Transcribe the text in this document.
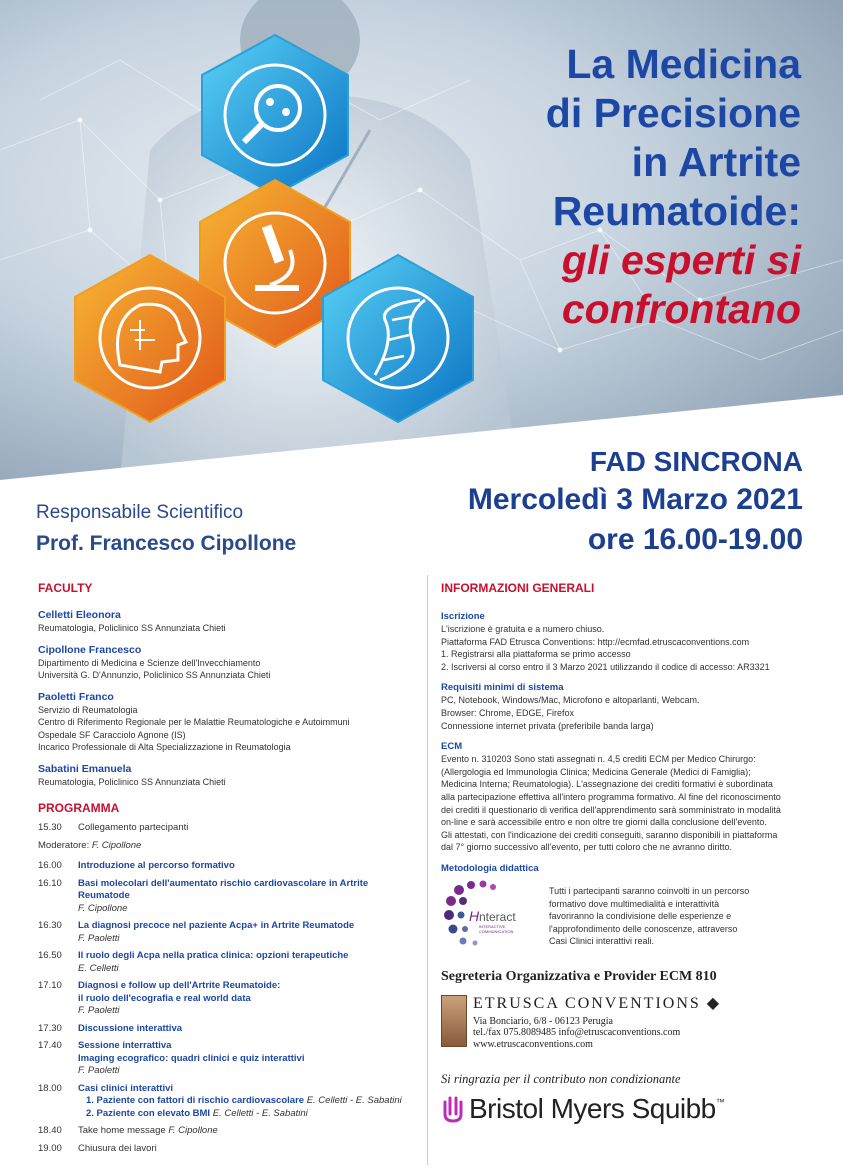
La Medicina
di Precisione
in Artrite
Reumatoide:
gli esperti si
confrontano
FAD SINCRONA
Mercoledì 3 Marzo 2021
ore 16.00-19.00
Responsabile Scientifico
Prof. Francesco Cipollone
FACULTY
Celletti Eleonora
Reumatologia, Policlinico SS Annunziata Chieti
Cipollone Francesco
Dipartimento di Medicina e Scienze dell'Invecchiamento
Università G. D'Annunzio, Policlinico SS Annunziata Chieti
Paoletti Franco
Servizio di Reumatologia
Centro di Riferimento Regionale per le Malattie Reumatologiche e Autoimmuni
Ospedale SF Caracciolo Agnone (IS)
Incarico Professionale di Alta Specializzazione in Reumatologia
Sabatini Emanuela
Reumatologia, Policlinico SS Annunziata Chieti
PROGRAMMA
15.30	Collegamento partecipanti
Moderatore: F. Cipollone
16.00	Introduzione al percorso formativo
16.10	Basi molecolari dell'aumentato rischio cardiovascolare in Artrite Reumatode
F. Cipollone
16.30	La diagnosi precoce nel paziente Acpa+ in Artrite Reumatode
F. Paoletti
16.50	Il ruolo degli Acpa nella pratica clinica: opzioni terapeutiche
E. Celletti
17.10	Diagnosi e follow up dell'Artrite Reumatoide:
il ruolo dell'ecografia e real world data
F. Paoletti
17.30	Discussione interattiva
17.40	Sessione interrattiva
Imaging ecografico: quadri clinici e quiz interattivi
F. Paoletti
18.00	Casi clinici interattivi
1. Paziente con fattori di rischio cardiovascolare E. Celletti - E. Sabatini
2. Paziente con elevato BMI E. Celletti - E. Sabatini
18.40	Take home message F. Cipollone
19.00	Chiusura dei lavori
INFORMAZIONI GENERALI
Iscrizione
L'iscrizione è gratuita e a numero chiuso.
Piattaforma FAD Etrusca Conventions: http://ecmfad.etruscaconventions.com
1. Registrarsi alla piattaforma se primo accesso
2. Iscriversi al corso entro il 3 Marzo 2021 utilizzando il codice di accesso: AR3321
Requisiti minimi di sistema
PC, Notebook, Windows/Mac, Microfono e altoparlanti, Webcam.
Browser: Chrome, EDGE, Firefox
Connessione internet privata (preferibile banda larga)
ECM
Evento n. 310203 Sono stati assegnati n. 4,5 crediti ECM per Medico Chirurgo:
(Allergologia ed Immunologia Clinica; Medicina Generale (Medici di Famiglia);
Medicina Interna; Reumatologia). L'assegnazione dei crediti formativi è subordinata
alla partecipazione effettiva all'intero programma formativo. Al fine del riconoscimento
dei crediti il questionario di verifica dell'apprendimento sarà somministrato in modalità
on-line e sarà accessibile entro e non oltre tre giorni dalla conclusione dell'evento.
Gli attestati, con l'indicazione dei crediti conseguiti, saranno disponibili in piattaforma
dal 7° giorno successivo all'evento, per tutti coloro che ne avranno diritto.
Metodologia didattica
H nteract
INTERACTIVE
COMMUNICATION
Tutti i partecipanti saranno coinvolti in un percorso
formativo dove multimedialità e interattività
favoriranno la condivisione delle esperienze e
l'approfondimento delle conoscenze, attraverso
Casi Clinici interattivi reali.
Segreteria Organizzativa e Provider ECM 810
ETRUSCA CONVENTIONS ◆
Via Bonciario, 6/8 - 06123 Perugia
tel./fax 075.8089485 info@etruscaconventions.com
www.etruscaconventions.com
Si ringrazia per il contributo non condizionante
Bristol Myers Squibb ™
